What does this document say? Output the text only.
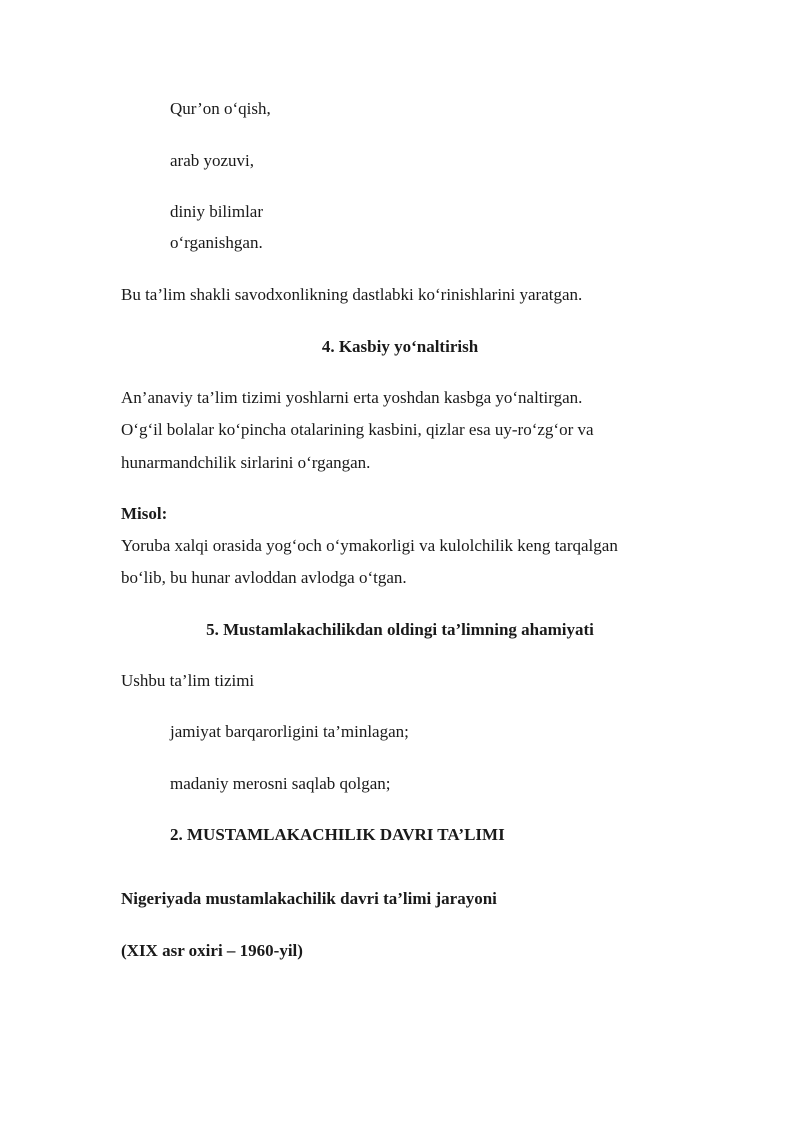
Qur’on o‘qish,
arab yozuvi,
diniy bilimlar
o‘rganishgan.
Bu ta’lim shakli savodxonlikning dastlabki ko‘rinishlarini yaratgan.
4. Kasbiy yo‘naltirish
An’anaviy ta’lim tizimi yoshlarni erta yoshdan kasbga yo‘naltirgan.
O‘g‘il bolalar ko‘pincha otalarining kasbini, qizlar esa uy-ro‘zg‘or va
hunarmandchilik sirlarini o‘rgangan.
Misol:
Yoruba xalqi orasida yog‘och o‘ymakorligi va kulolchilik keng tarqalgan
bo‘lib, bu hunar avloddan avlodga o‘tgan.
5. Mustamlakachilikdan oldingi ta’limning ahamiyati
Ushbu ta’lim tizimi
jamiyat barqarorligini ta’minlagan;
madaniy merosni saqlab qolgan;
2. MUSTAMLAKACHILIK DAVRI TA’LIMI
Nigeriyada mustamlakachilik davri ta’limi jarayoni
(XIX asr oxiri – 1960-yil)
